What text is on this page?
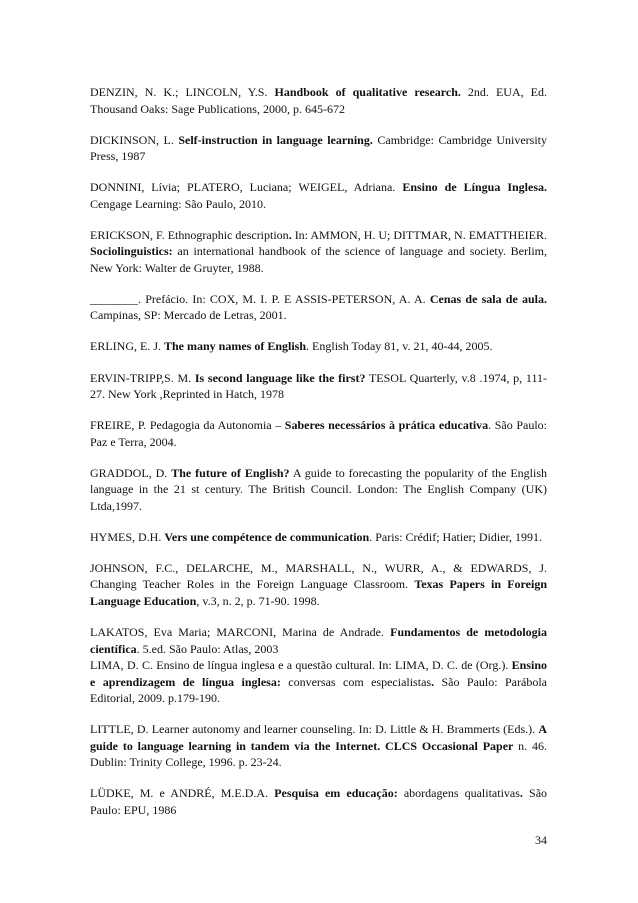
DENZIN, N. K.; LINCOLN, Y.S. Handbook of qualitative research. 2nd. EUA, Ed. Thousand Oaks: Sage Publications, 2000, p. 645-672

DICKINSON, L. Self-instruction in language learning. Cambridge: Cambridge University Press, 1987

DONNINI, Lívia; PLATERO, Luciana; WEIGEL, Adriana. Ensino de Língua Inglesa. Cengage Learning: São Paulo, 2010.

ERICKSON, F. Ethnographic description. In: AMMON, H. U; DITTMAR, N. EMATTHEIER. Sociolinguistics: an international handbook of the science of language and society. Berlim, New York: Walter de Gruyter, 1988.

________. Prefácio. In: COX, M. I. P. E ASSIS-PETERSON, A. A. Cenas de sala de aula. Campinas, SP: Mercado de Letras, 2001.

ERLING, E. J. The many names of English. English Today 81, v. 21, 40-44, 2005.

ERVIN-TRIPP,S. M. Is second language like the first? TESOL Quarterly, v.8 .1974, p, 111-27. New York ,Reprinted in Hatch, 1978

FREIRE, P. Pedagogia da Autonomia – Saberes necessários à prática educativa. São Paulo: Paz e Terra, 2004.

GRADDOL, D. The future of English? A guide to forecasting the popularity of the English language in the 21 st century. The British Council. London: The English Company (UK) Ltda,1997.

HYMES, D.H. Vers une compétence de communication. Paris: Crédif; Hatier; Didier, 1991.

JOHNSON, F.C., DELARCHE, M., MARSHALL, N., WURR, A., & EDWARDS, J. Changing Teacher Roles in the Foreign Language Classroom. Texas Papers in Foreign Language Education, v.3, n. 2, p. 71-90. 1998.

LAKATOS, Eva Maria; MARCONI, Marina de Andrade. Fundamentos de metodologia científica. 5.ed. São Paulo: Atlas, 2003

LIMA, D. C. Ensino de língua inglesa e a questão cultural. In: LIMA, D. C. de (Org.). Ensino e aprendizagem de língua inglesa: conversas com especialistas. São Paulo: Parábola Editorial, 2009. p.179-190.

LITTLE, D. Learner autonomy and learner counseling. In: D. Little & H. Brammerts (Eds.). A guide to language learning in tandem via the Internet. CLCS Occasional Paper n. 46. Dublin: Trinity College, 1996. p. 23-24.

LÜDKE, M. e ANDRÉ, M.E.D.A. Pesquisa em educação: abordagens qualitativas. São Paulo: EPU, 1986

34
